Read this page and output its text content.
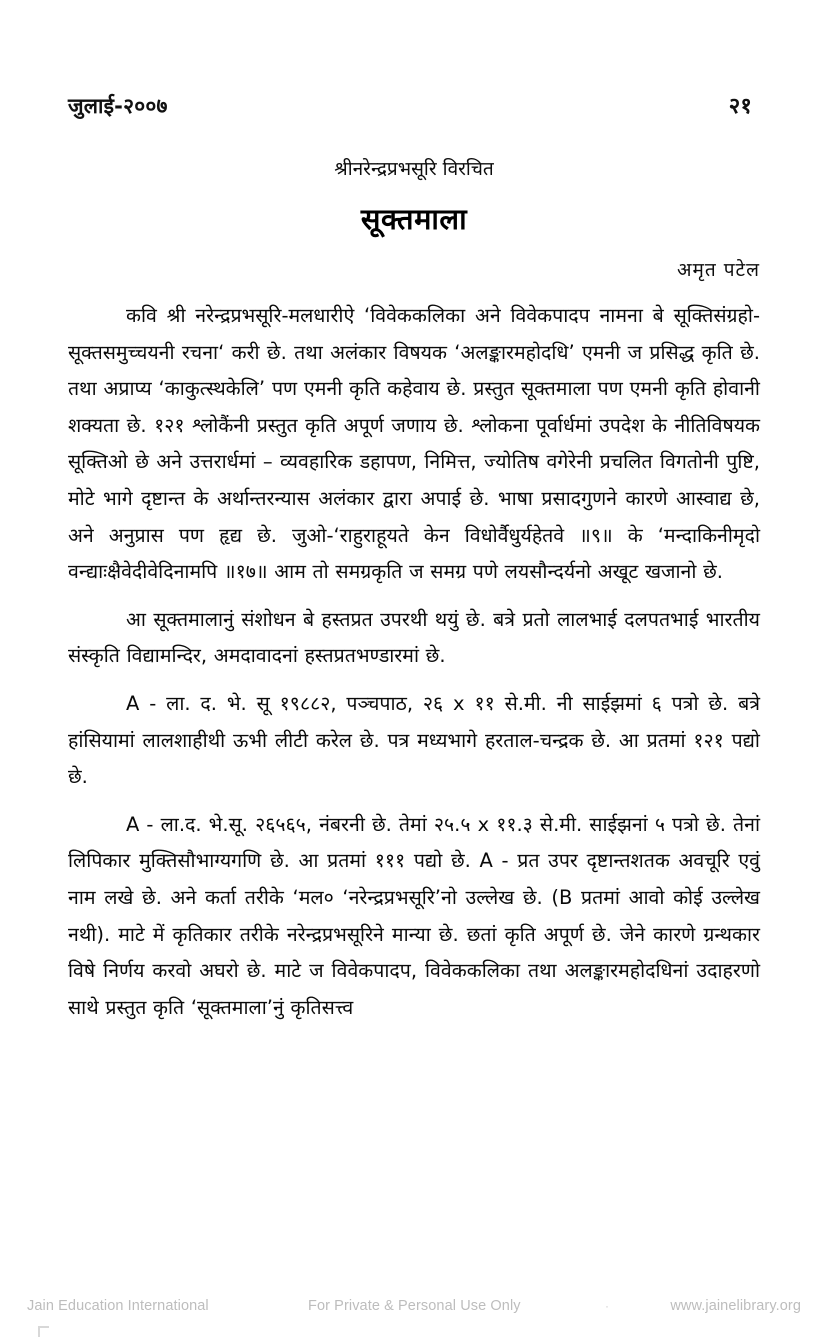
जुलाई-२००७	२१
श्रीनरेन्द्रप्रभसूरि विरचित
सूक्तमाला
अमृत पटेल

कवि श्री नरेन्द्रप्रभसूरि-मलधारीऐ ‘विवेककलिका अने विवेकपादप नामना बे सूक्तिसंग्रहो-सूक्तसमुच्चयनी रचना‘ करी छे. तथा अलंकार विषयक ‘अलङ्कारमहोदधि’ एमनी ज प्रसिद्ध कृति छे. तथा अप्राप्य ‘काकुत्स्थकेलि’ पण एमनी कृति कहेवाय छे. प्रस्तुत सूक्तमाला पण एमनी कृति होवानी शक्यता छे. १२१ श्लोकैंनी प्रस्तुत कृति अपूर्ण जणाय छे. श्लोकना पूर्वार्धमां उपदेश के नीतिविषयक सूक्तिओ छे अने उत्तरार्धमां – व्यवहारिक डहापण, निमित्त, ज्योतिष वगेरेनी प्रचलित विगतोनी पुष्टि, मोटे भागे दृष्टान्त के अर्थान्तरन्यास अलंकार द्वारा अपाई छे. भाषा प्रसादगुणने कारणे आस्वाद्य छे, अने अनुप्रास पण हृद्य छे. जुओ-‘राहुराहूयते केन विधोर्वैधुर्यहेतवे ॥९॥ के ‘मन्दाकिनीमृदो वन्द्याःक्षैवेदीवेदिनामपि ॥१७॥ आम तो समग्रकृति ज समग्र पणे लयसौन्दर्यनो अखूट खजानो छे.

आ सूक्तमालानुं संशोधन बे हस्तप्रत उपरथी थयुं छे. बत्रे प्रतो लालभाई दलपतभाई भारतीय संस्कृति विद्यामन्दिर, अमदावादनां हस्तप्रतभण्डारमां छे.

A - ला. द. भे. सू १९८८२, पञ्चपाठ, २६ x ११ से.मी. नी साईझमां ६ पत्रो छे. बत्रे हांसियामां लालशाहीथी ऊभी लीटी करेल छे. पत्र मध्यभागे हरताल-चन्द्रक छे. आ प्रतमां १२१ पद्यो छे.

A - ला.द. भे.सू. २६५६५, नंबरनी छे. तेमां २५.५ x ११.३ से.मी. साईझनां ५ पत्रो छे. तेनां लिपिकार मुक्तिसौभाग्यगणि छे. आ प्रतमां १११ पद्यो छे. A - प्रत उपर दृष्टान्तशतक अवचूरि एवुं नाम लखे छे. अने कर्ता तरीके ‘मल० ‘नरेन्द्रप्रभसूरि’नो उल्लेख छे. (B प्रतमां आवो कोई उल्लेख नथी). माटे में कृतिकार तरीके नरेन्द्रप्रभसूरिने मान्या छे. छतां कृति अपूर्ण छे. जेने कारणे ग्रन्थकार विषे निर्णय करवो अघरो छे. माटे ज विवेकपादप, विवेककलिका तथा अलङ्कारमहोदधिनां उदाहरणो साथे प्रस्तुत कृति ‘सूक्तमाला’नुं कृतिसत्त्व

Jain Education International	For Private & Personal Use Only	·	www.jainelibrary.org
